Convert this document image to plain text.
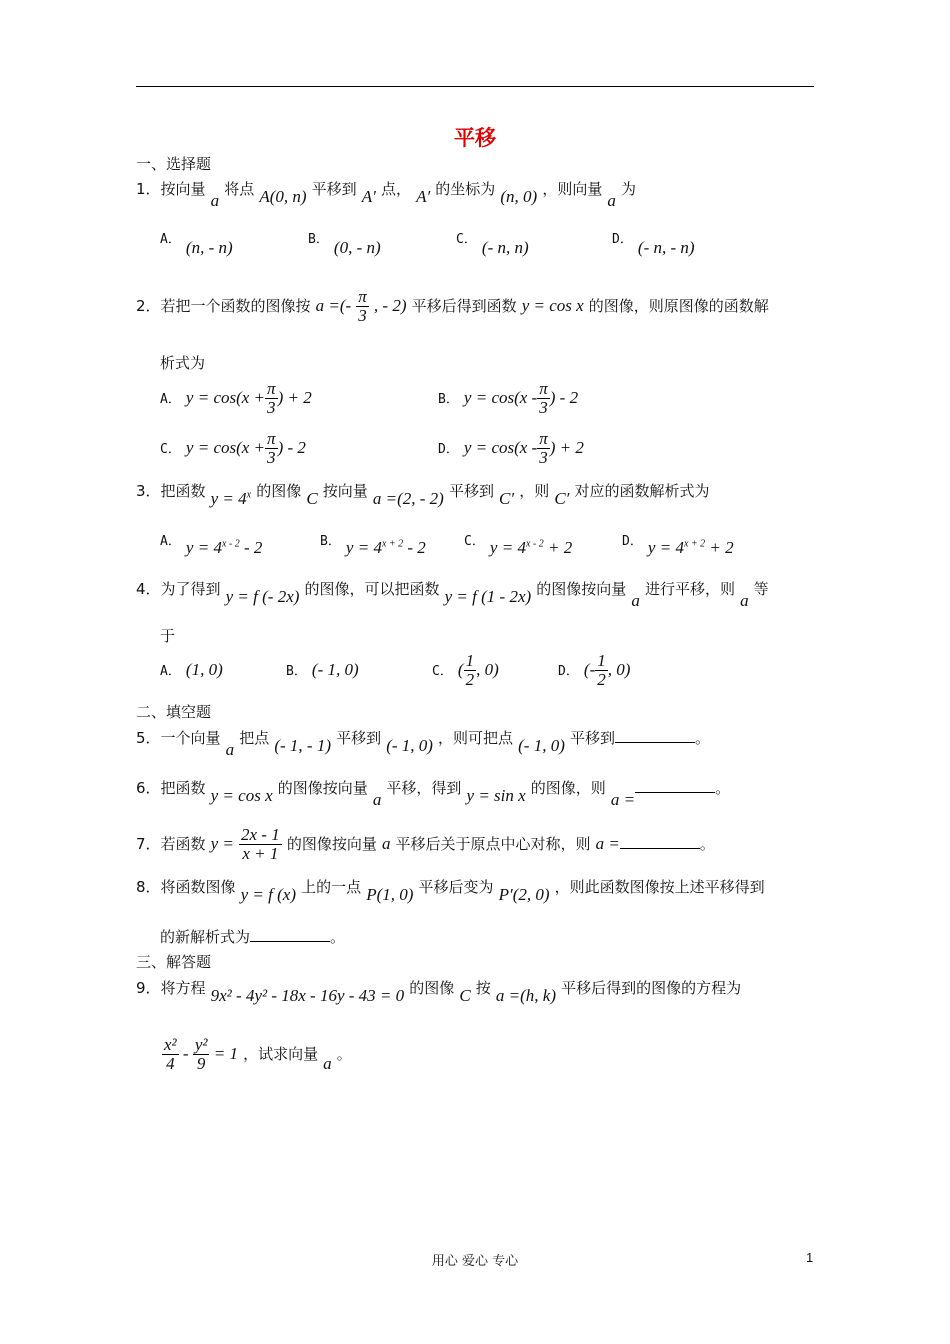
平移
一、选择题
1．按向量 a 将点 A(0, n) 平移到 A′ 点， A′ 的坐标为 (n, 0) ，则向量 a 为
A． (n, - n)	B． (0, - n)	C． (- n, n)	D． (- n, - n)
2．若把一个函数的图像按 a =(- $\frac{\pi}{3}$ , - 2) 平移后得到函数 y = cos x 的图像，则原图像的函数解
析式为
A． $y = \cos(x + \frac{\pi}{3}$ ) + 2	B． $y = \cos(x - \frac{\pi}{3}$ ) - 2
C． $y = \cos(x + \frac{\pi}{3}$ ) - 2	D． $y = \cos(x - \frac{\pi}{3}$ ) + 2
3．把函数 $y = 4^x$ 的图像 C 按向量 a =(2, - 2) 平移到 C′ ，则 C′ 对应的函数解析式为
A． $y = 4^{x - 2} - 2$	B． $y = 4^{x + 2} - 2$	C． $y = 4^{x - 2} + 2$	D． $y = 4^{x + 2} + 2$
4．为了得到 y = f (- 2x) 的图像，可以把函数 y = f (1 - 2x) 的图像按向量 a 进行平移，则 a 等
于
A． (1, 0)	B． (- 1, 0)	C． ( $\frac{1}{2}$ , 0)	D． (- $\frac{1}{2}$ , 0)
二、填空题
5．一个向量 a 把点 (- 1, - 1) 平移到 (- 1, 0) ，则可把点 (- 1, 0) 平移到	。
6．把函数 y = cos x 的图像按向量 a 平移，得到 y = sin x 的图像，则 a =。
7．若函数 $y = \frac{2x - 1}{x + 1}$ 的图像按向量 a 平移后关于原点中心对称，则 a =	。
8．将函数图像 y = f (x) 上的一点 P(1, 0) 平移后变为 P′(2, 0) ，则此函数图像按上述平移得到
的新解析式为	。
三、解答题
9．将方程 9x² - 4y² - 18x - 16y - 43 = 0 的图像 C 按 a =(h, k) 平移后得到的图像的方程为
$\frac{\text{x²}}{4} - \frac{\text{y²}}{9} = 1$ ，试求向量 a 。
用心 爱心 专心	1
